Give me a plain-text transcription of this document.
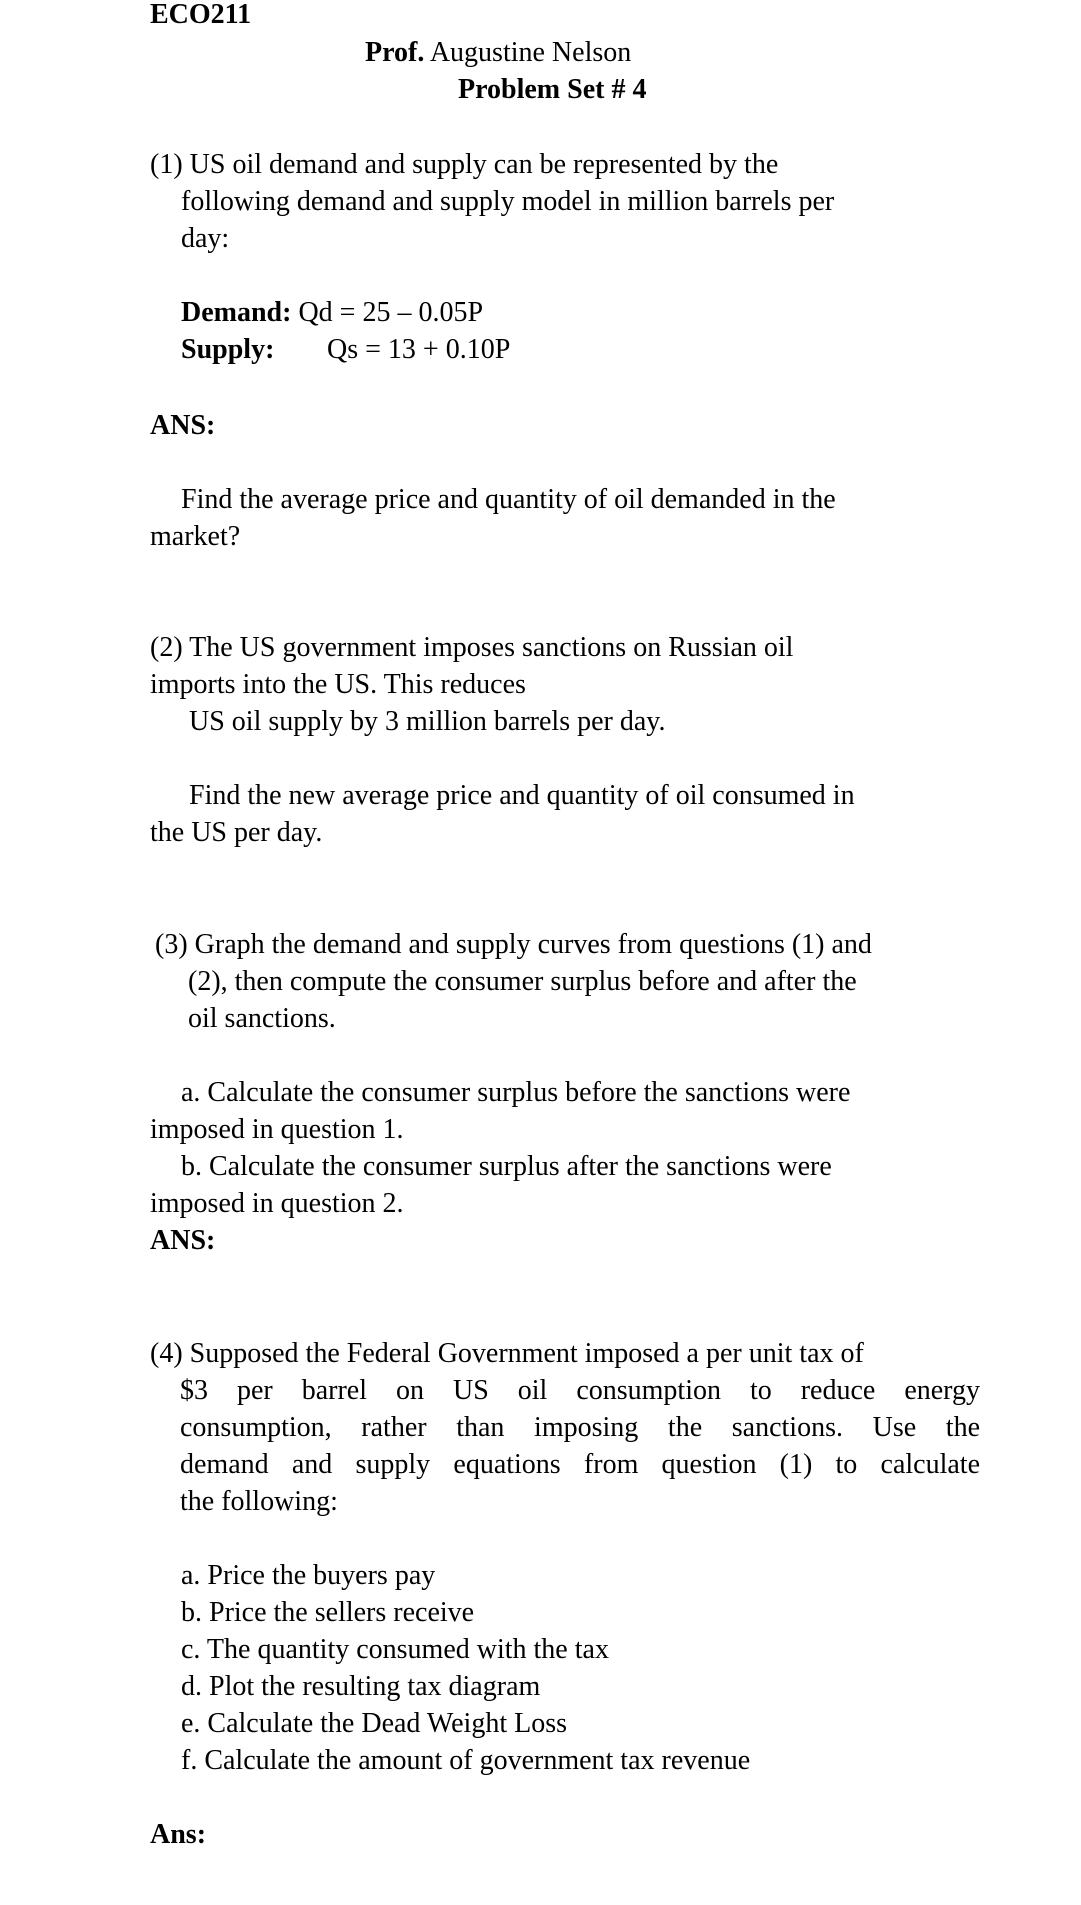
ECO211
Prof. Augustine Nelson
Problem Set # 4
(1) US oil demand and supply can be represented by the
following demand and supply model in million barrels per
day:
Demand: Qd = 25 – 0.05P
Supply: Qs = 13 + 0.10P
ANS:
Find the average price and quantity of oil demanded in the
market?
(2) The US government imposes sanctions on Russian oil
imports into the US. This reduces
US oil supply by 3 million barrels per day.
Find the new average price and quantity of oil consumed in
the US per day.
(3) Graph the demand and supply curves from questions (1) and
(2), then compute the consumer surplus before and after the
oil sanctions.
a. Calculate the consumer surplus before the sanctions were
imposed in question 1.
b. Calculate the consumer surplus after the sanctions were
imposed in question 2.
ANS:
(4) Supposed the Federal Government imposed a per unit tax of
$3 per barrel on US oil consumption to reduce energy
consumption, rather than imposing the sanctions. Use the
demand and supply equations from question (1) to calculate
the following:
a. Price the buyers pay
b. Price the sellers receive
c. The quantity consumed with the tax
d. Plot the resulting tax diagram
e. Calculate the Dead Weight Loss
f. Calculate the amount of government tax revenue
Ans:
